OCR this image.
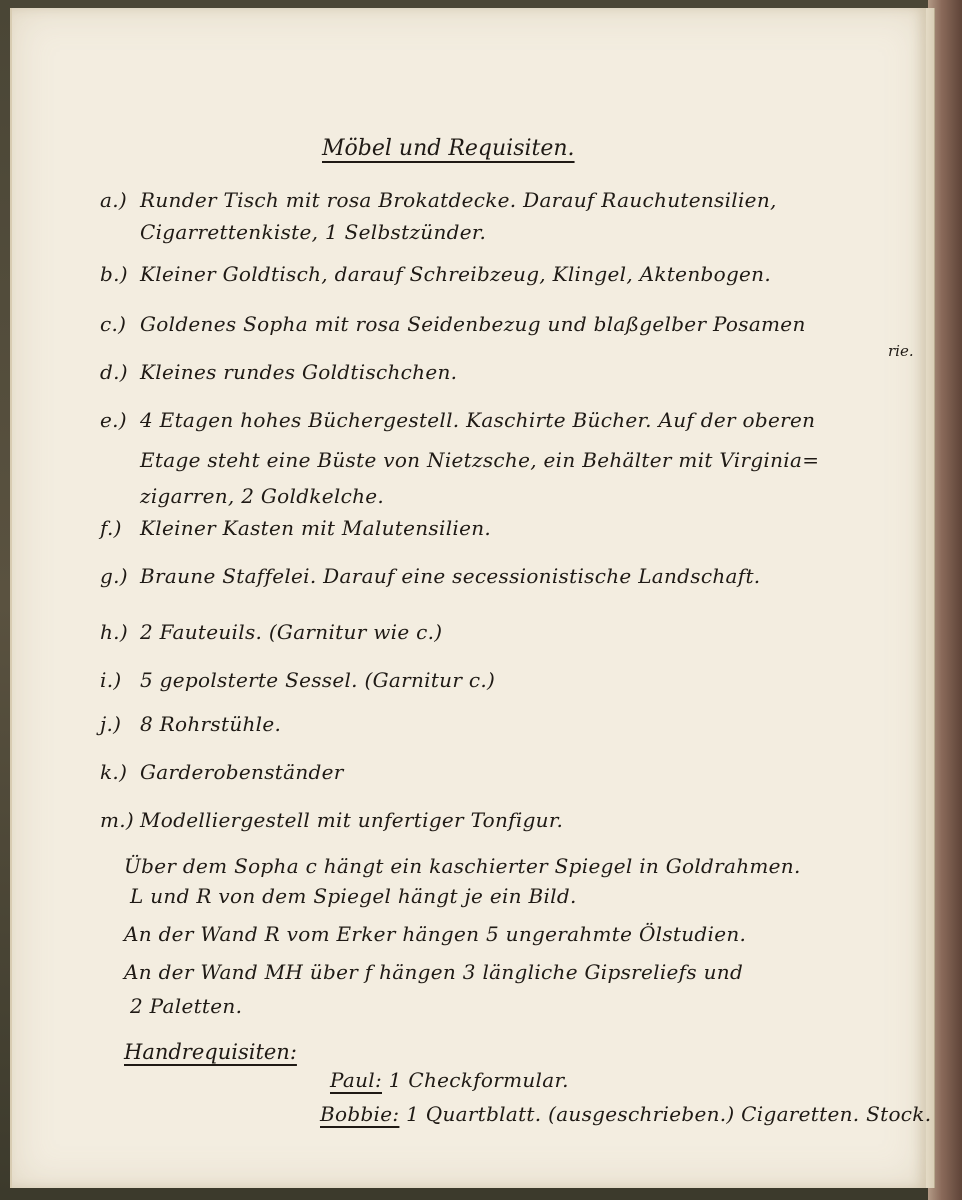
Möbel und Requisiten.
a.) Runder Tisch mit rosa Brokatdecke. Darauf Rauchutensilien,
Cigarrettenkiste, 1 Selbstzünder.
b.) Kleiner Goldtisch, darauf Schreibzeug, Klingel, Aktenbogen.
c.) Goldenes Sopha mit rosa Seidenbezug und blaßgelber Posamen
rie.
d.) Kleines rundes Goldtischchen.
e.) 4 Etagen hohes Büchergestell. Kaschirte Bücher. Auf der oberen
Etage steht eine Büste von Nietzsche, ein Behälter mit Virginia=
zigarren, 2 Goldkelche.
f.) Kleiner Kasten mit Malutensilien.
g.) Braune Staffelei. Darauf eine secessionistische Landschaft.
h.) 2 Fauteuils. (Garnitur wie c.)
i.) 5 gepolsterte Sessel. (Garnitur c.)
j.) 8 Rohrstühle.
k.) Garderobenständer
m.) Modelliergestell mit unfertiger Tonfigur.
Über dem Sopha c hängt ein kaschierter Spiegel in Goldrahmen.
L und R von dem Spiegel hängt je ein Bild.
An der Wand R vom Erker hängen 5 ungerahmte Ölstudien.
An der Wand MH über f hängen 3 längliche Gipsreliefs und
2 Paletten.
Handrequisiten:
Paul: 1 Checkformular.
Bobbie: 1 Quartblatt. (ausgeschrieben.) Cigaretten. Stock.
